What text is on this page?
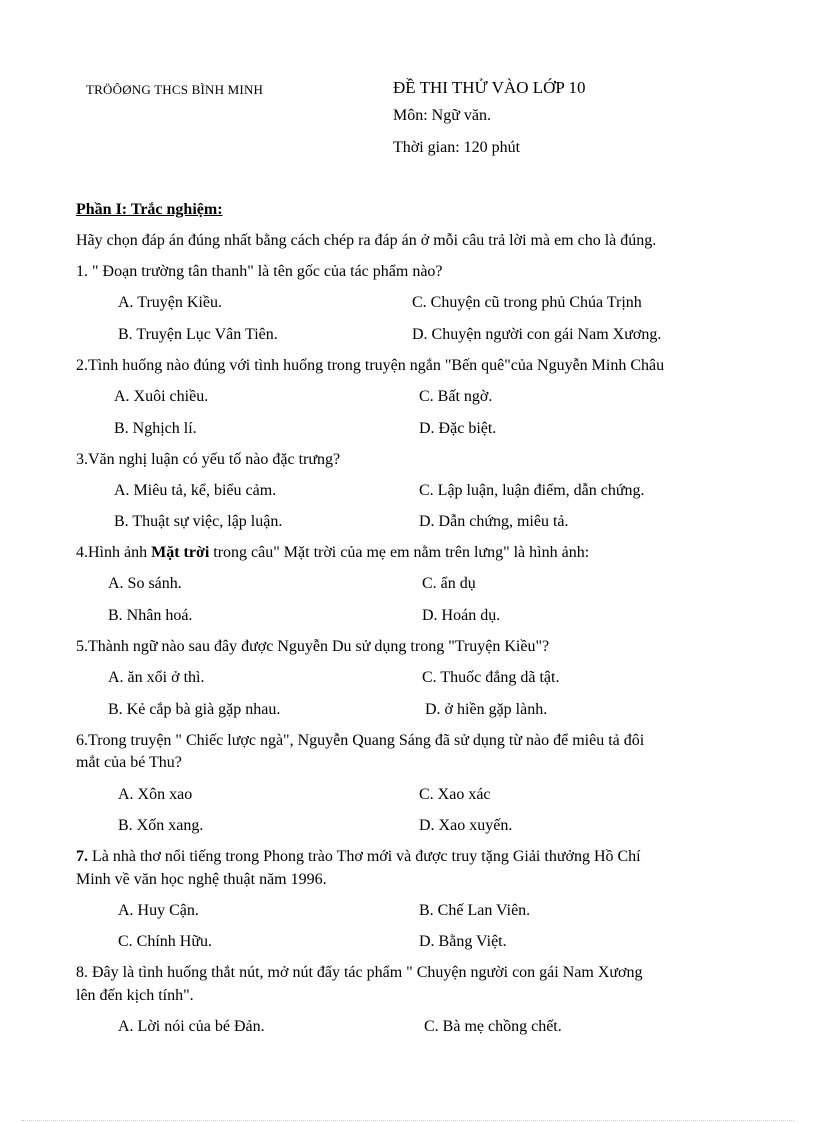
TRÖÔØNG THCS BÌNH MINH	ĐỀ THI THỬ VÀO LỚP 10
Môn: Ngữ văn.
Thời gian: 120 phút
Phần I: Trắc nghiệm:
Hãy chọn đáp án đúng nhất bằng cách chép ra đáp án ở mỗi câu trả lời mà em cho là đúng.
1. " Đoạn trường tân thanh" là tên gốc của tác phẩm nào?
A. Truyện Kiều.	C. Chuyện cũ trong phủ Chúa Trịnh
B. Truyện Lục Vân Tiên.	D. Chuyện người con gái Nam Xương.
2.Tình huống nào đúng với tình huống trong truyện ngắn "Bến quê"của Nguyễn Minh Châu
A. Xuôi chiều.	C. Bất ngờ.
B. Nghịch lí.	D. Đặc biệt.
3.Văn nghị luận có yếu tố nào đặc trưng?
A. Miêu tả, kể, biểu cảm.	C. Lập luận, luận điểm, dẫn chứng.
B. Thuật sự việc, lập luận.	D. Dẫn chứng, miêu tả.
4.Hình ảnh Mặt trời trong câu" Mặt trời của mẹ em nằm trên lưng" là hình ảnh:
A. So sánh.	C. ẩn dụ
B. Nhân hoá.	D. Hoán dụ.
5.Thành ngữ nào sau đây được Nguyễn Du sử dụng trong "Truyện Kiều"?
A. ăn xổi ở thì.	C. Thuốc đắng dã tật.
B. Kẻ cắp bà già gặp nhau.	D. ở hiền gặp lành.
6.Trong truyện " Chiếc lược ngà", Nguyễn Quang Sáng đã sử dụng từ nào để miêu tả đôi
mắt của bé Thu?
A. Xôn xao	C. Xao xác
B. Xốn xang.	D. Xao xuyến.
7. Là nhà thơ nổi tiếng trong Phong trào Thơ mới và được truy tặng Giải thưởng Hồ Chí
Minh về văn học nghệ thuật năm 1996.
A. Huy Cận.	B. Chế Lan Viên.
C. Chính Hữu.	D. Bằng Việt.
8. Đây là tình huống thắt nút, mở nút đẩy tác phẩm " Chuyện người con gái Nam Xương
lên đến kịch tính".
A. Lời nói của bé Đản.	C. Bà mẹ chồng chết.
